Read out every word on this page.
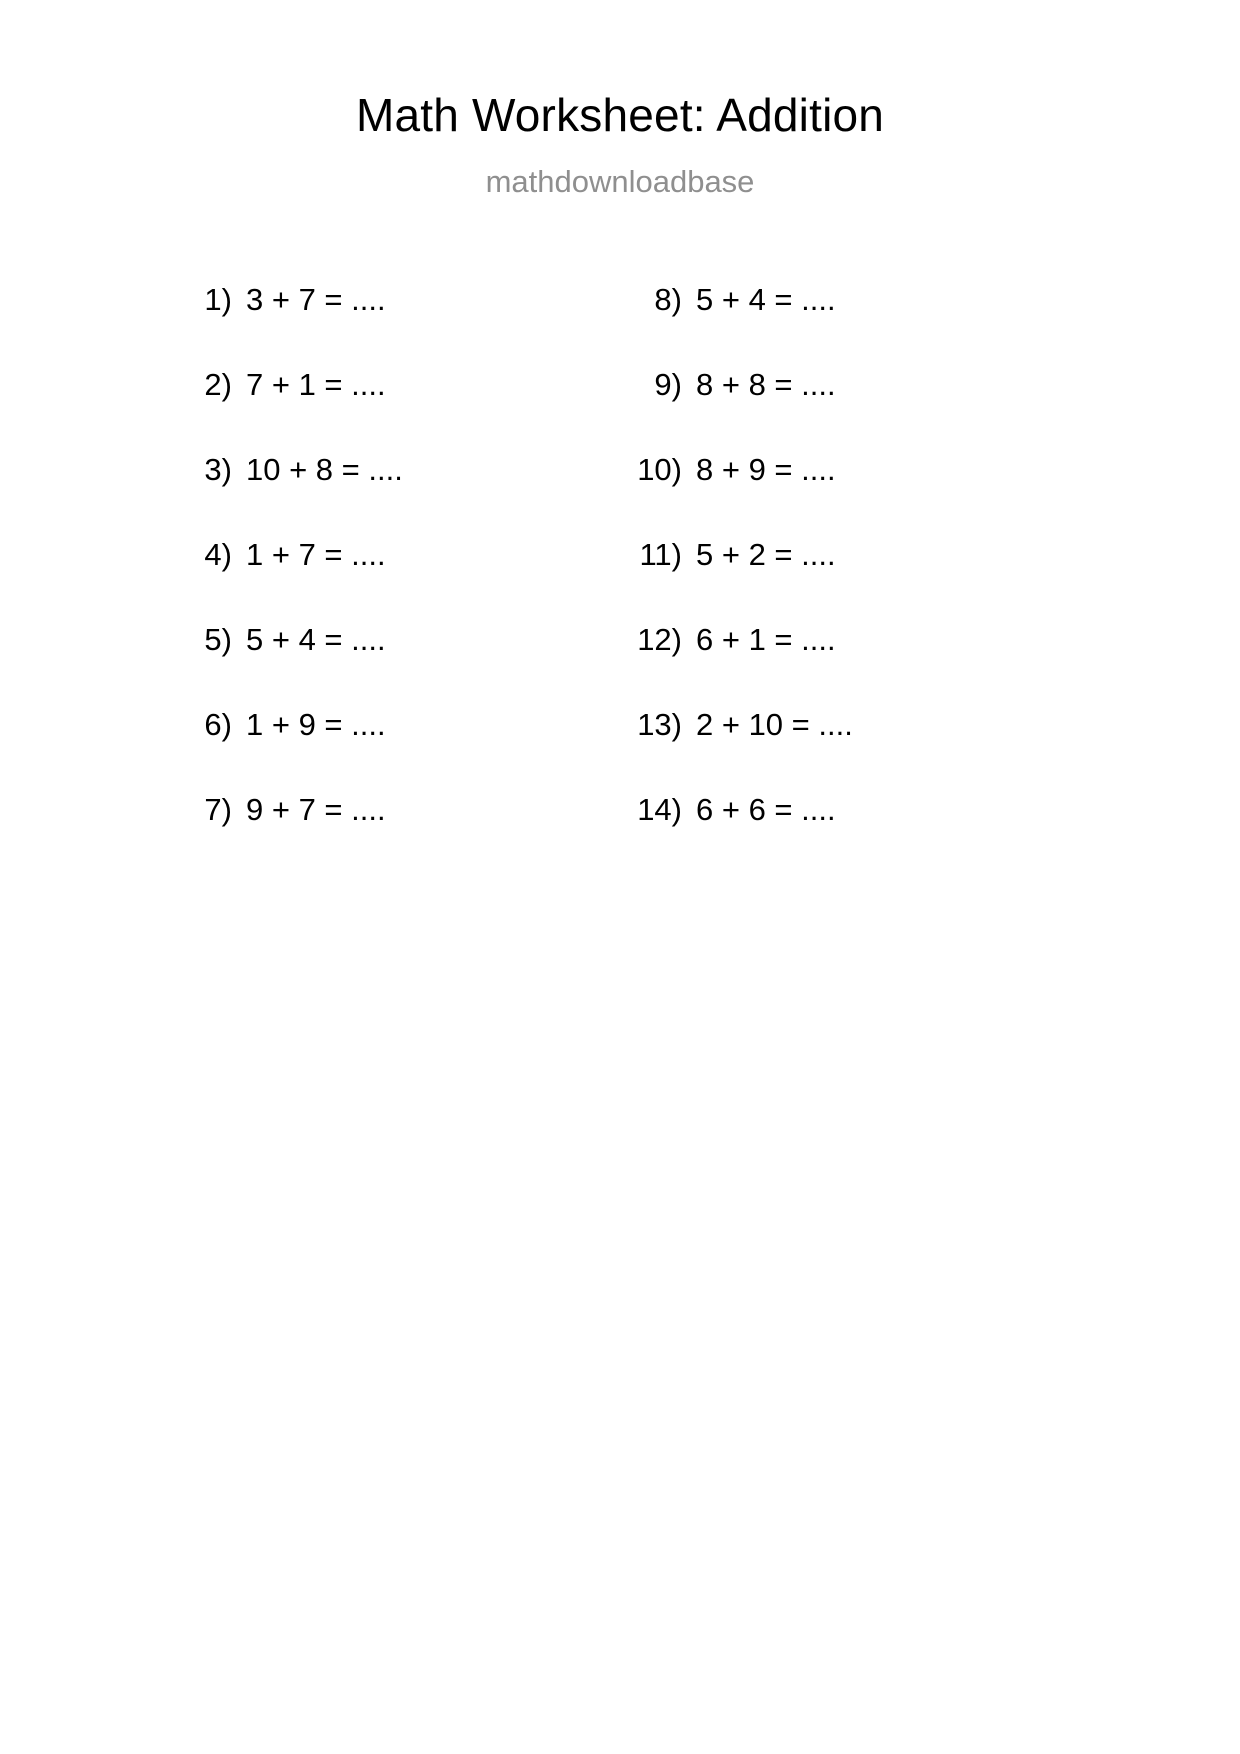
Math Worksheet: Addition
mathdownloadbase
1) 3 + 7 = ....
2) 7 + 1 = ....
3) 10 + 8 = ....
4) 1 + 7 = ....
5) 5 + 4 = ....
6) 1 + 9 = ....
7) 9 + 7 = ....
8) 5 + 4 = ....
9) 8 + 8 = ....
10) 8 + 9 = ....
11) 5 + 2 = ....
12) 6 + 1 = ....
13) 2 + 10 = ....
14) 6 + 6 = ....
